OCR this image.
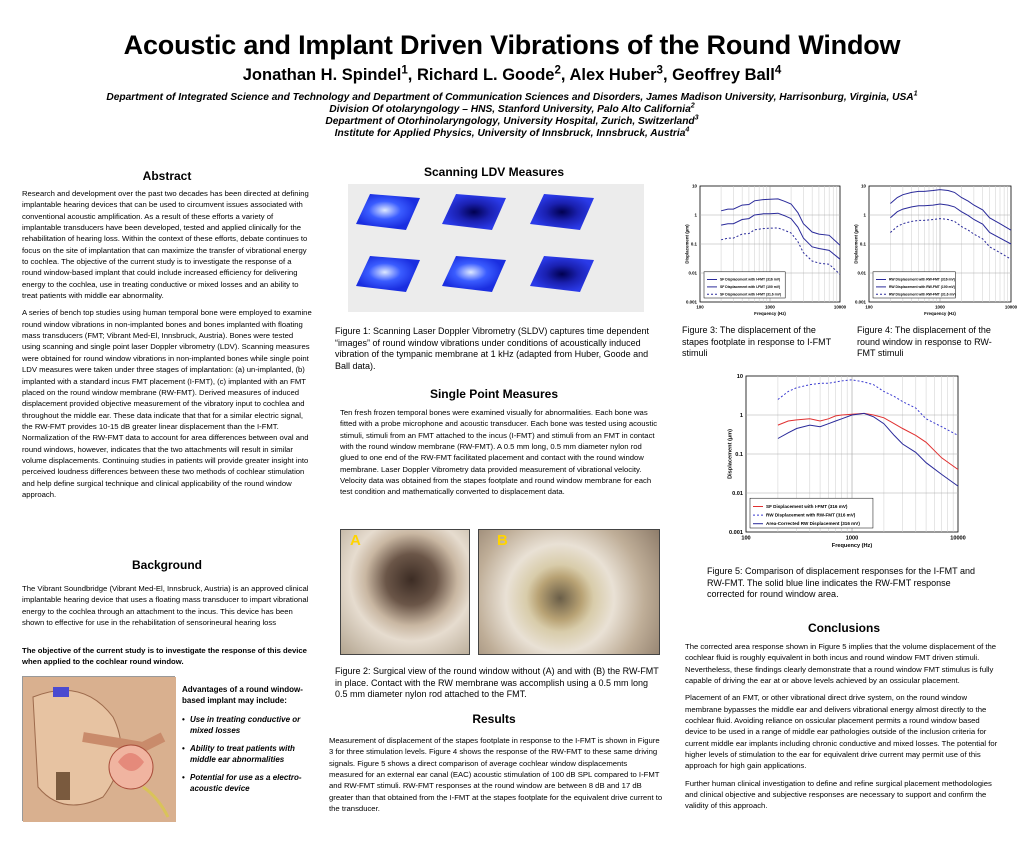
Acoustic and Implant Driven Vibrations of the Round Window
Jonathan H. Spindel$^1$, Richard L. Goode$^2$, Alex Huber$^3$, Geoffrey Ball$^4$
Department of Integrated Science and Technology and Department of Communication Sciences and Disorders, James Madison University, Harrisonburg, Virginia, USA$^1$
Division Of otolaryngology – HNS, Stanford University, Palo Alto California$^2$
Department of Otorhinolaryngology, University Hospital, Zurich, Switzerland$^3$
Institute for Applied Physics, University of Innsbruck, Innsbruck, Austria$^4$
Abstract

Research and development over the past two decades has been directed at defining implantable hearing devices that can be used to circumvent issues associated with conventional acoustic amplification. As a result of these efforts a variety of implantable transducers have been developed, tested and applied clinically for the rehabilitation of hearing loss. Within the context of these efforts, debate continues to focus on the site of implantation that can maximize the transfer of vibrational energy to cochlea. The objective of the current study is to investigate the response of a round window-based implant that could include increased efficiency for delivering energy to the cochlea, use in treating conductive or mixed losses and an ability to treat patients with middle ear abnormality.

A series of bench top studies using human temporal bone were employed to examine round window vibrations in non-implanted bones and bones implanted with floating mass transducers (FMT; Vibrant Med-El, Innsbruck, Austria). Bones were tested using scanning and single point laser Doppler vibrometry (LDV). Scanning measures were obtained for round window vibrations in non-implanted bones while single point LDV measures were taken under three stages of implantation: (a) un-implanted, (b) implanted with a standard incus FMT placement (I-FMT), (c) implanted with an FMT placed on the round window membrane (RW-FMT). Derived measures of induced displacement provided objective measurement of the vibratory input to cochlea and throughout the middle ear. These data indicate that that for a similar electric signal, the RW-FMT provides 10-15 dB greater linear displacement than the I-FMT. Normalization of the RW-FMT data to account for area differences between oval and round windows, however, indicates that the two attachments will result in similar volume displacements. Continuing studies in patients will provide greater insight into perceived loudness differences between these two methods of cochlear stimulation and help define surgical technique and clinical applicability of the round window approach.

Background
The Vibrant Soundbridge (Vibrant Med-El, Innsbruck, Austria) is an approved clinical implantable hearing device that uses a floating mass transducer to impart vibrational energy to the cochlea through an attachment to the incus. This device has been shown to effective for use in the rehabilitation of sensorineural hearing loss
The objective of the current study is to investigate the response of this device when applied to the cochlear round window.
Advantages of a round window-based implant may include:
• Use in treating conductive or mixed losses
• Ability to treat patients with middle ear abnormalities
• Potential for use as a electro-acoustic device
Scanning LDV Measures
Figure 1: Scanning Laser Doppler Vibrometry (SLDV) captures time dependent “images” of round window vibrations under conditions of acoustically induced vibration of the tympanic membrane at 1 kHz (adapted from Huber, Goode and Ball data).
Single Point Measures
Ten fresh frozen temporal bones were examined visually for abnormalities. Each bone was fitted with a probe microphone and acoustic transducer. Each bone was tested using acoustic stimuli, stimuli from an FMT attached to the incus (I-FMT) and stimuli from an FMT in contact with the round window membrane (RW-FMT). A 0.5 mm long, 0.5 mm diameter nylon rod glued to one end of the RW-FMT facilitated placement and contact with the round window membrane. Laser Doppler Vibrometry data provided measurement of vibrational velocity. Velocity data was obtained from the stapes footplate and round window membrane for each test condition and mathematically converted to displacement data.
A	B
Figure 2: Surgical view of the round window without (A) and with (B) the RW-FMT in place. Contact with the RW membrane was accomplish using a 0.5 mm long 0.5 mm diameter nylon rod attached to the FMT.
Results
Measurement of displacement of the stapes footplate in response to the I-FMT is shown in Figure 3 for three stimulation levels. Figure 4 shows the response of the RW-FMT to these same driving signals. Figure 5 shows a direct comparison of average cochlear window displacements measured for an external ear canal (EAC) acoustic stimulation of 100 dB SPL compared to I-FMT and RW-FMT stimuli. RW-FMT responses at the round window are between 8 dB and 17 dB greater than that obtained from the I-FMT at the stapes footplate for the equivalent drive current to the transducer.
100	1000	10000
10
1
0.1
0.01
0.001
Frequency (Hz)
Displacement (µm)
SF Displacement with I-FMT (316 mV)
SF Displacement with I-FMT (100 mV)
SF Displacement with I-FMT (31.6 mV)
100	1000	10000
10
1
0.1
0.01
0.001
Frequency (Hz)
Displacement (µm)
RW Displacement with RW-FMT (316 mV)
RW Displacement with RW-FMT (100 mV)
RW Displacement with RW-FMT (31.6 mV)
Figure 3: The displacement of the stapes footplate in response to I-FMT stimuli
Figure 4: The displacement of the round window in response to RW-FMT stimuli
100	1000	10000
10
1
0.1
0.01
0.001
Frequency (Hz)
Displacement (µm)
SF Displacement with I-FMT (316 mV)
RW Displacement with RW-FMT (316 mV)
Area-Corrected RW Displacement (316 mV)
Figure 5: Comparison of displacement responses for the I-FMT and RW-FMT. The solid blue line indicates the RW-FMT response corrected for round window area.
Conclusions

The corrected area response shown in Figure 5 implies that the volume displacement of the cochlear fluid is roughly equivalent in both incus and round window FMT driven stimuli. Nevertheless, these findings clearly demonstrate that a round window FMT stimulus is fully capable of driving the ear at or above levels achieved by an ossicular placement.

Placement of an FMT, or other vibrational direct drive system, on the round window membrane bypasses the middle ear and delivers vibrational energy almost directly to the cochlear fluid. Avoiding reliance on ossicular placement permits a round window based device to be used in a range of middle ear pathologies outside of the inclusion criteria for current middle ear implants including chronic conductive and mixed losses. The potential for higher levels of stimulation to the ear for equivalent drive current may permit use of this approach for high gain applications.

Further human clinical investigation to define and refine surgical placement methodologies and clinical objective and subjective responses are necessary to support and confirm the validity of this approach.
